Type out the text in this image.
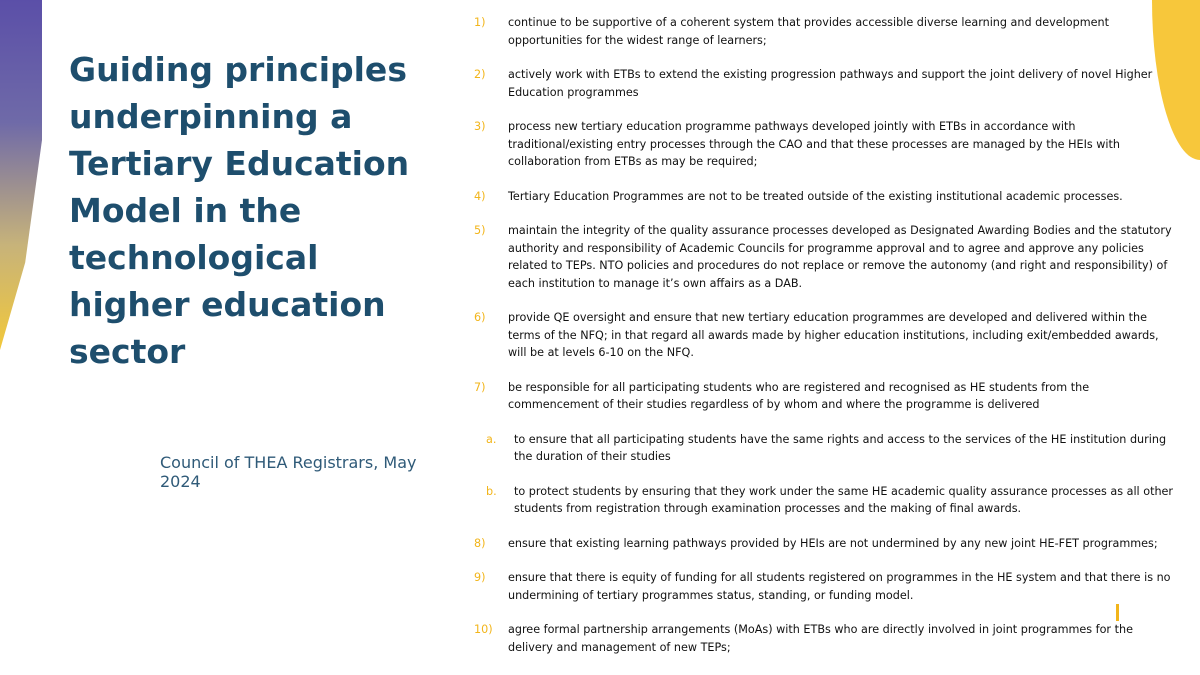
Guiding principles underpinning a Tertiary Education Model in the technological higher education sector
Council of THEA Registrars, May 2024
1)	continue to be supportive of a coherent system that provides accessible diverse learning and development opportunities for the widest range of learners;
2)	actively work with ETBs to extend the existing progression pathways and support the joint delivery of novel Higher Education programmes
3)	process new tertiary education programme pathways developed jointly with ETBs in accordance with traditional/existing entry processes through the CAO and that these processes are managed by the HEIs with collaboration from ETBs as may be required;
4)	Tertiary Education Programmes are not to be treated outside of the existing institutional academic processes.
5)	maintain the integrity of the quality assurance processes developed as Designated Awarding Bodies and the statutory authority and responsibility of Academic Councils for programme approval and to agree and approve any policies related to TEPs. NTO policies and procedures do not replace or remove the autonomy (and right and responsibility) of each institution to manage it’s own affairs as a DAB.
6)	provide QE oversight and ensure that new tertiary education programmes are developed and delivered within the terms of the NFQ; in that regard all awards made by higher education institutions, including exit/embedded awards, will be at levels 6-10 on the NFQ.
7)	be responsible for all participating students who are registered and recognised as HE students from the commencement of their studies regardless of by whom and where the programme is delivered
a.	to ensure that all participating students have the same rights and access to the services of the HE institution during the duration of their studies
b.	to protect students by ensuring that they work under the same HE academic quality assurance processes as all other students from registration through examination processes and the making of final awards.
8)	ensure that existing learning pathways provided by HEIs are not undermined by any new joint HE-FET programmes;
9)	ensure that there is equity of funding for all students registered on programmes in the HE system and that there is no undermining of tertiary programmes status, standing, or funding model.
10)	agree formal partnership arrangements (MoAs) with ETBs who are directly involved in joint programmes for the delivery and management of new TEPs;
